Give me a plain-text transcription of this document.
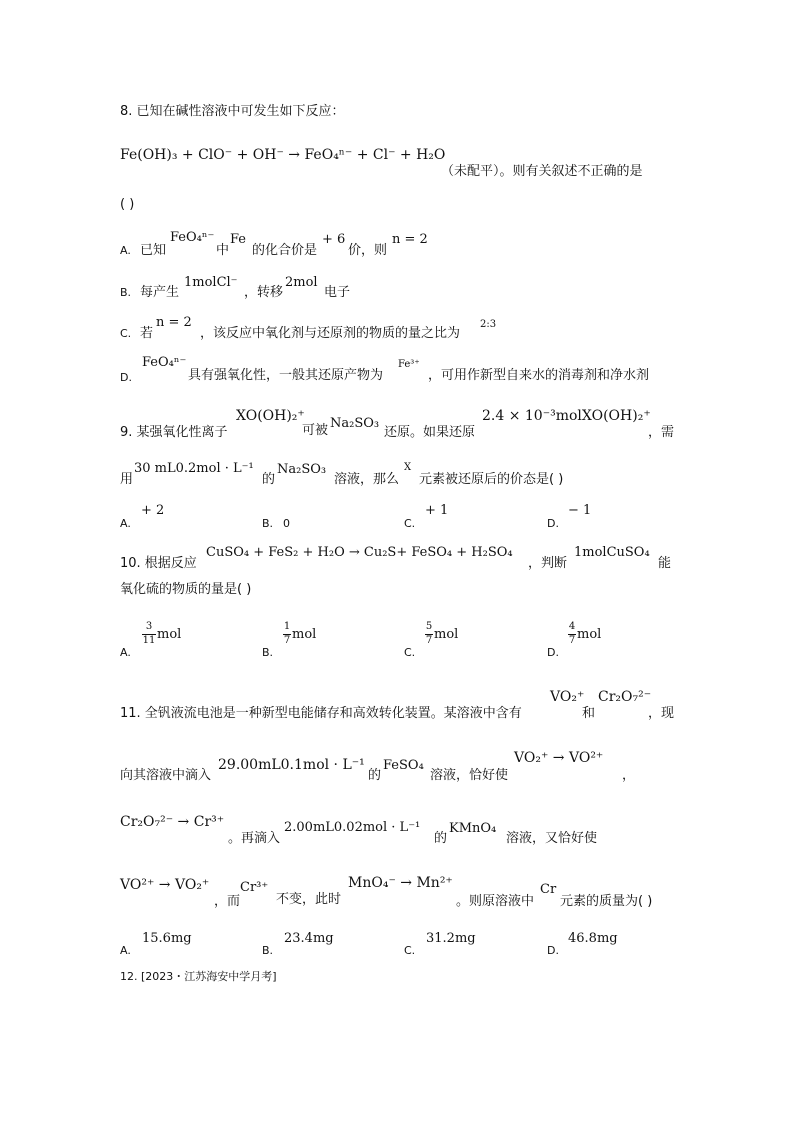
8. 已知在碱性溶液中可发生如下反应：
Fe(OH)₃ + ClO⁻ + OH⁻ → FeO₄ⁿ⁻ + Cl⁻ + H₂O
（未配平）。则有关叙述不正确的是
( )
A. 已知
FeO₄ⁿ⁻
中
Fe
的化合价是
+ 6
价，则
n = 2
B. 每产生
1molCl⁻
，转移
2mol
电子
C. 若
n = 2
，该反应中氧化剂与还原剂的物质的量之比为
2:3
D.
FeO₄ⁿ⁻
具有强氧化性，一般其还原产物为
Fe³⁺
，可用作新型自来水的消毒剂和净水剂
9. 某强氧化性离子
XO(OH)₂⁺
可被 Na₂SO₃
还原。如果还原
2.4 × 10⁻³molXO(OH)₂⁺
，需
用
30 mL0.2mol · L⁻¹
的
Na₂SO₃
溶液，那么
X
元素被还原后的价态是( )
A.
+ 2
B. 0	C.
+ 1
D.
− 1
10. 根据反应
CuSO₄ + FeS₂ + H₂O → Cu₂S+ FeSO₄ + H₂SO₄
，判断
1molCuSO₄
能
氧化硫的物质的量是( )
A.
3
11 mol
B.
1
7 mol
C.
5
7 mol
D.
4
7 mol
11. 全钒液流电池是一种新型电能储存和高效转化装置。某溶液中含有
VO₂⁺
和
Cr₂O₇²⁻
，现
向其溶液中滴入
29.00mL0.1mol · L⁻¹
的
FeSO₄
溶液，恰好使
VO₂⁺ → VO²⁺
，
Cr₂O₇²⁻ → Cr³⁺
。再滴入
2.00mL0.02mol · L⁻¹
的
KMnO₄
溶液，又恰好使
VO²⁺ → VO₂⁺
，而
Cr³⁺
不变，此时
MnO₄⁻ → Mn²⁺
。则原溶液中
Cr
元素的质量为( )
A.
15.6mg
B.
23.4mg
C.
31.2mg
D.
46.8mg
12. [2023・江苏海安中学月考]
